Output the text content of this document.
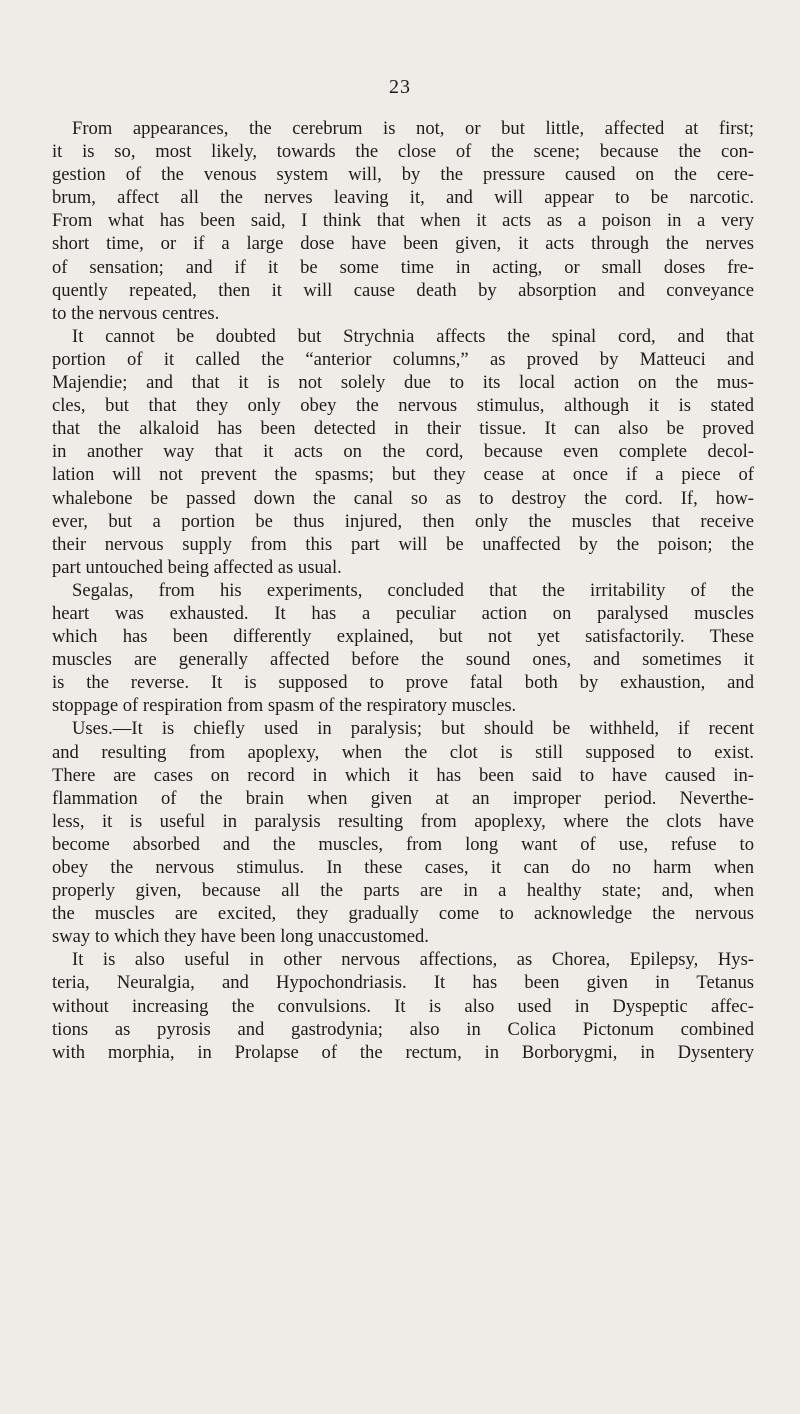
23
From appearances, the cerebrum is not, or but little, affected at first;
it is so, most likely, towards the close of the scene; because the con-
gestion of the venous system will, by the pressure caused on the cere-
brum, affect all the nerves leaving it, and will appear to be narcotic.
From what has been said, I think that when it acts as a poison in a very
short time, or if a large dose have been given, it acts through the nerves
of sensation; and if it be some time in acting, or small doses fre-
quently repeated, then it will cause death by absorption and conveyance
to the nervous centres.
It cannot be doubted but Strychnia affects the spinal cord, and that
portion of it called the “anterior columns,” as proved by Matteuci and
Majendie; and that it is not solely due to its local action on the mus-
cles, but that they only obey the nervous stimulus, although it is stated
that the alkaloid has been detected in their tissue. It can also be proved
in another way that it acts on the cord, because even complete decol-
lation will not prevent the spasms; but they cease at once if a piece of
whalebone be passed down the canal so as to destroy the cord. If, how-
ever, but a portion be thus injured, then only the muscles that receive
their nervous supply from this part will be unaffected by the poison; the
part untouched being affected as usual.
Segalas, from his experiments, concluded that the irritability of the
heart was exhausted. It has a peculiar action on paralysed muscles
which has been differently explained, but not yet satisfactorily. These
muscles are generally affected before the sound ones, and sometimes it
is the reverse. It is supposed to prove fatal both by exhaustion, and
stoppage of respiration from spasm of the respiratory muscles.
Uses.—It is chiefly used in paralysis; but should be withheld, if recent
and resulting from apoplexy, when the clot is still supposed to exist.
There are cases on record in which it has been said to have caused in-
flammation of the brain when given at an improper period. Neverthe-
less, it is useful in paralysis resulting from apoplexy, where the clots have
become absorbed and the muscles, from long want of use, refuse to
obey the nervous stimulus. In these cases, it can do no harm when
properly given, because all the parts are in a healthy state; and, when
the muscles are excited, they gradually come to acknowledge the nervous
sway to which they have been long unaccustomed.
It is also useful in other nervous affections, as Chorea, Epilepsy, Hys-
teria, Neuralgia, and Hypochondriasis. It has been given in Tetanus
without increasing the convulsions. It is also used in Dyspeptic affec-
tions as pyrosis and gastrodynia; also in Colica Pictonum combined
with morphia, in Prolapse of the rectum, in Borborygmi, in Dysentery
